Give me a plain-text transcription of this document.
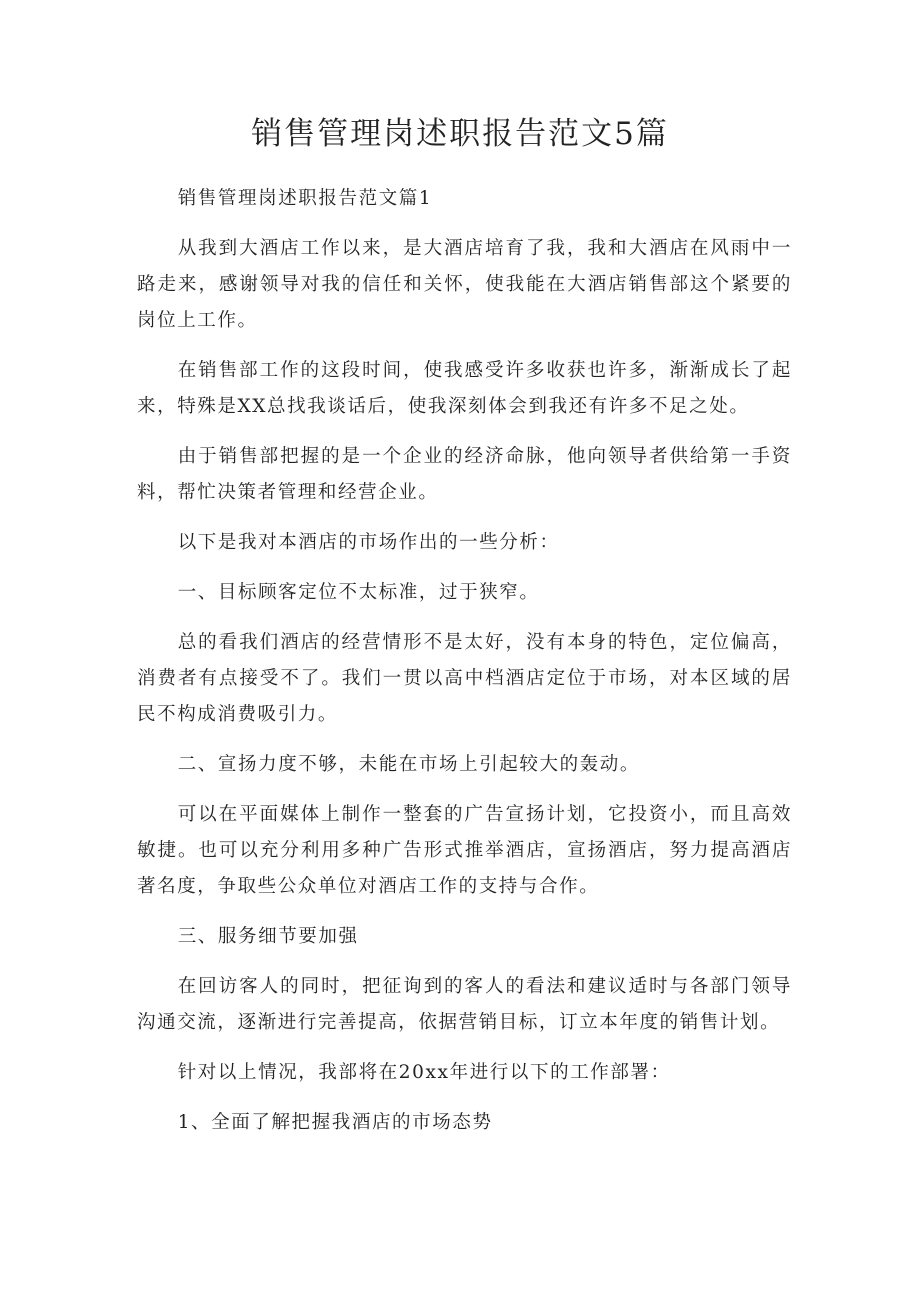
销售管理岗述职报告范文5篇

销售管理岗述职报告范文篇1

从我到大酒店工作以来，是大酒店培育了我，我和大酒店在风雨中一路走来，感谢领导对我的信任和关怀，使我能在大酒店销售部这个紧要的岗位上工作。

在销售部工作的这段时间，使我感受许多收获也许多，渐渐成长了起来，特殊是XX总找我谈话后，使我深刻体会到我还有许多不足之处。

由于销售部把握的是一个企业的经济命脉，他向领导者供给第一手资料，帮忙决策者管理和经营企业。

以下是我对本酒店的市场作出的一些分析：

一、目标顾客定位不太标准，过于狭窄。

总的看我们酒店的经营情形不是太好，没有本身的特色，定位偏高，消费者有点接受不了。我们一贯以高中档酒店定位于市场，对本区域的居民不构成消费吸引力。

二、宣扬力度不够，未能在市场上引起较大的轰动。

可以在平面媒体上制作一整套的广告宣扬计划，它投资小，而且高效敏捷。也可以充分利用多种广告形式推举酒店，宣扬酒店，努力提高酒店著名度，争取些公众单位对酒店工作的支持与合作。

三、服务细节要加强

在回访客人的同时，把征询到的客人的看法和建议适时与各部门领导沟通交流，逐渐进行完善提高，依据营销目标，订立本年度的销售计划。

针对以上情况，我部将在20xx年进行以下的工作部署：

1、全面了解把握我酒店的市场态势
